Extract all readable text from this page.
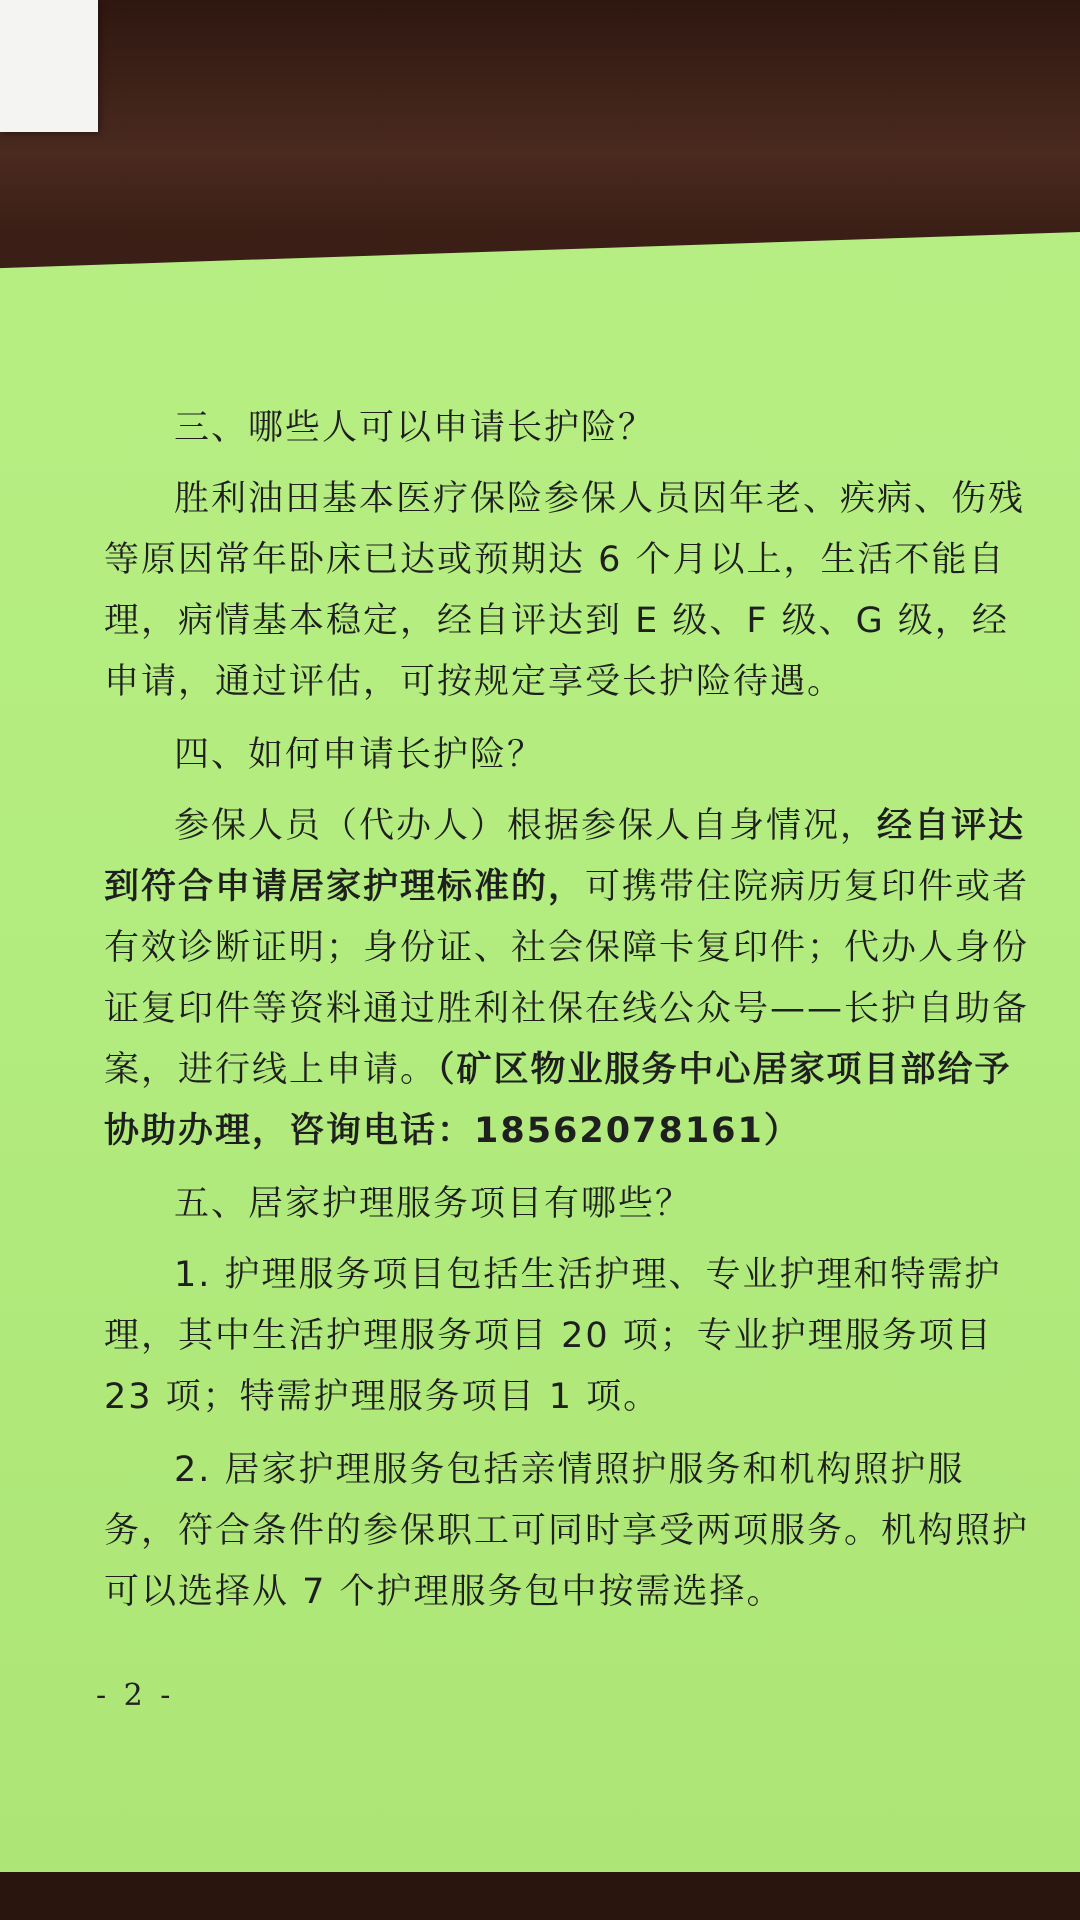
三、哪些人可以申请长护险？

胜利油田基本医疗保险参保人员因年老、疾病、伤残等原因常年卧床已达或预期达 6 个月以上，生活不能自理，病情基本稳定，经自评达到 E 级、F 级、G 级，经申请，通过评估，可按规定享受长护险待遇。

四、如何申请长护险？

参保人员（代办人）根据参保人自身情况，经自评达到符合申请居家护理标准的，可携带住院病历复印件或者有效诊断证明；身份证、社会保障卡复印件；代办人身份证复印件等资料通过胜利社保在线公众号——长护自助备案，进行线上申请。（矿区物业服务中心居家项目部给予协助办理，咨询电话：18562078161）

五、居家护理服务项目有哪些？

1. 护理服务项目包括生活护理、专业护理和特需护理，其中生活护理服务项目 20 项；专业护理服务项目 23 项；特需护理服务项目 1 项。

2. 居家护理服务包括亲情照护服务和机构照护服务，符合条件的参保职工可同时享受两项服务。机构照护可以选择从 7 个护理服务包中按需选择。

- 2 -
